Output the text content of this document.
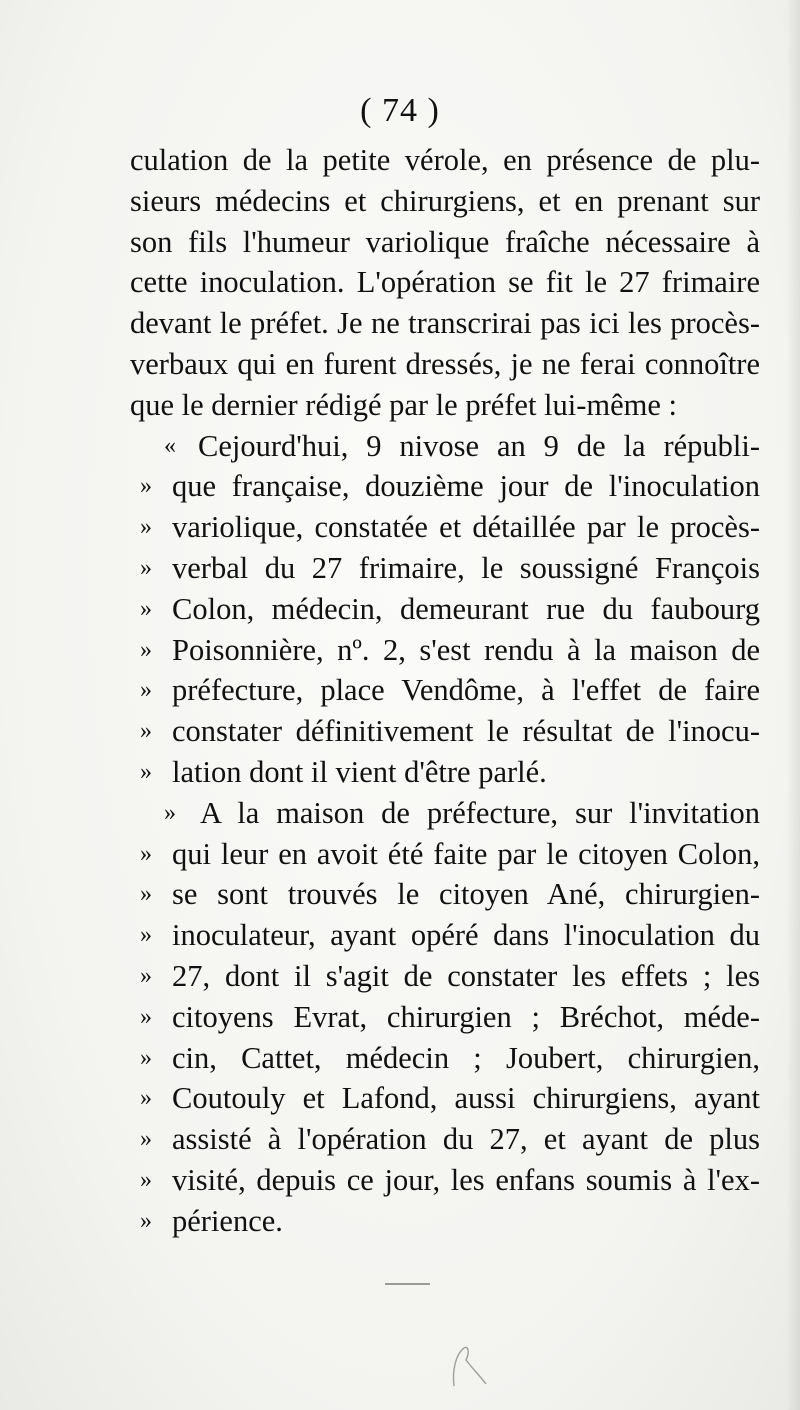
( 74 )
culation de la petite vérole, en présence de plu-
sieurs médecins et chirurgiens, et en prenant sur
son fils l'humeur variolique fraîche nécessaire à
cette inoculation. L'opération se fit le 27 frimaire
devant le préfet. Je ne transcrirai pas ici les procès-
verbaux qui en furent dressés, je ne ferai connoître
que le dernier rédigé par le préfet lui-même :
« Cejourd'hui, 9 nivose an 9 de la républi-
» que française, douzième jour de l'inoculation
» variolique, constatée et détaillée par le procès-
» verbal du 27 frimaire, le soussigné François
» Colon, médecin, demeurant rue du faubourg
» Poisonnière, nº. 2, s'est rendu à la maison de
» préfecture, place Vendôme, à l'effet de faire
» constater définitivement le résultat de l'inocu-
» lation dont il vient d'être parlé.
» A la maison de préfecture, sur l'invitation
» qui leur en avoit été faite par le citoyen Colon,
» se sont trouvés le citoyen Ané, chirurgien-
» inoculateur, ayant opéré dans l'inoculation du
» 27, dont il s'agit de constater les effets ; les
» citoyens Evrat, chirurgien ; Bréchot, méde-
» cin, Cattet, médecin ; Joubert, chirurgien,
» Coutouly et Lafond, aussi chirurgiens, ayant
» assisté à l'opération du 27, et ayant de plus
» visité, depuis ce jour, les enfans soumis à l'ex-
» périence.
